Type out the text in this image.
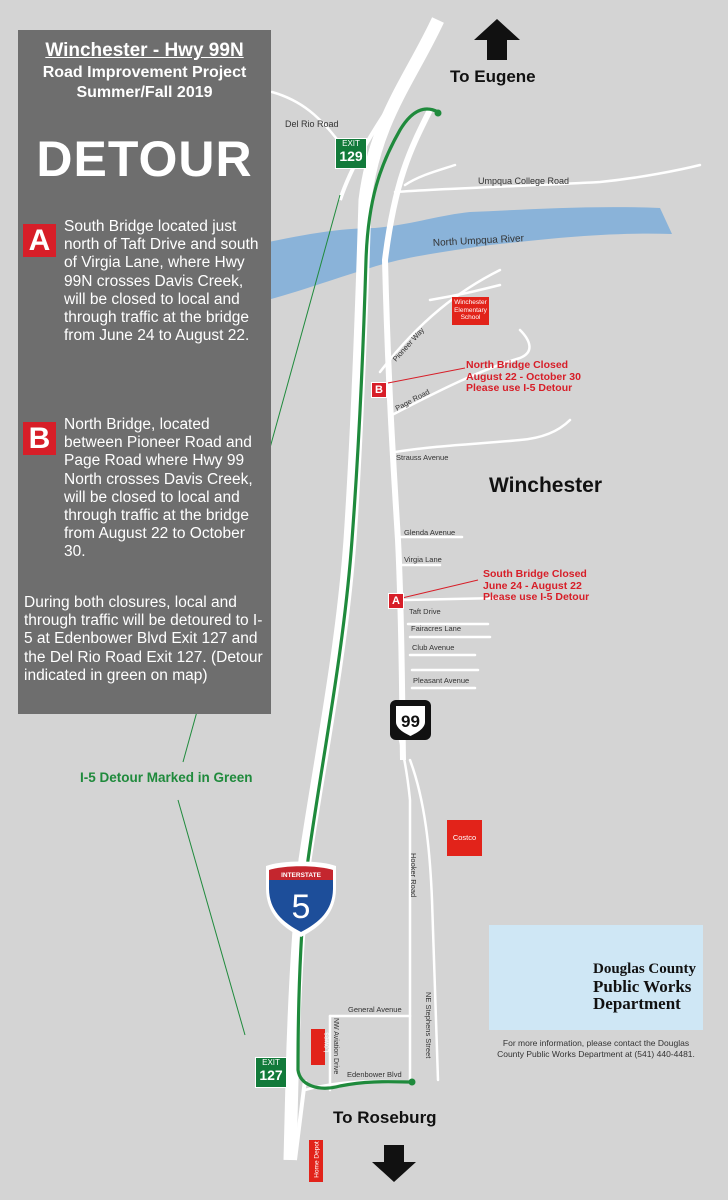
Del Rio Road
Umpqua College Road
North Umpqua River
Pioneer Way
Page Road
Strauss Avenue
Glenda Avenue
Virgia Lane
Taft Drive
Fairacres Lane
Club Avenue
Pleasant Avenue
Hooker Road
General Avenue
NW Aviation Drive	NE Stephens Street
Edenbower Blvd
99
INTERSTATE
5
Winchester - Hwy 99N
Road Improvement Project
Summer/Fall 2019
DETOUR
A South Bridge located just north of Taft Drive and south of Virgia Lane, where Hwy 99N crosses Davis Creek, will be closed to local and through traffic at the bridge from June 24 to August 22.
B North Bridge, located between Pioneer Road and Page Road where Hwy 99 North crosses Davis Creek, will be closed to local and through traffic at the bridge from August 22 to October 30.
During both closures, local and through traffic will be detoured to I-5 at Edenbower Blvd Exit 127 and the Del Rio Road Exit 127. (Detour indicated in green on map)
To Eugene
To Roseburg
Winchester
EXIT
129
EXIT
127
Winchester Elementary School
Costco
Lowes
Home Depot
B
North Bridge Closed
August 22 - October 30
Please use I-5 Detour
A
South Bridge Closed
June 24 - August 22
Please use I-5 Detour
I-5 Detour Marked in Green
Douglas County
Public Works
Department
For more information, please contact the Douglas County Public Works Department at (541) 440-4481.
